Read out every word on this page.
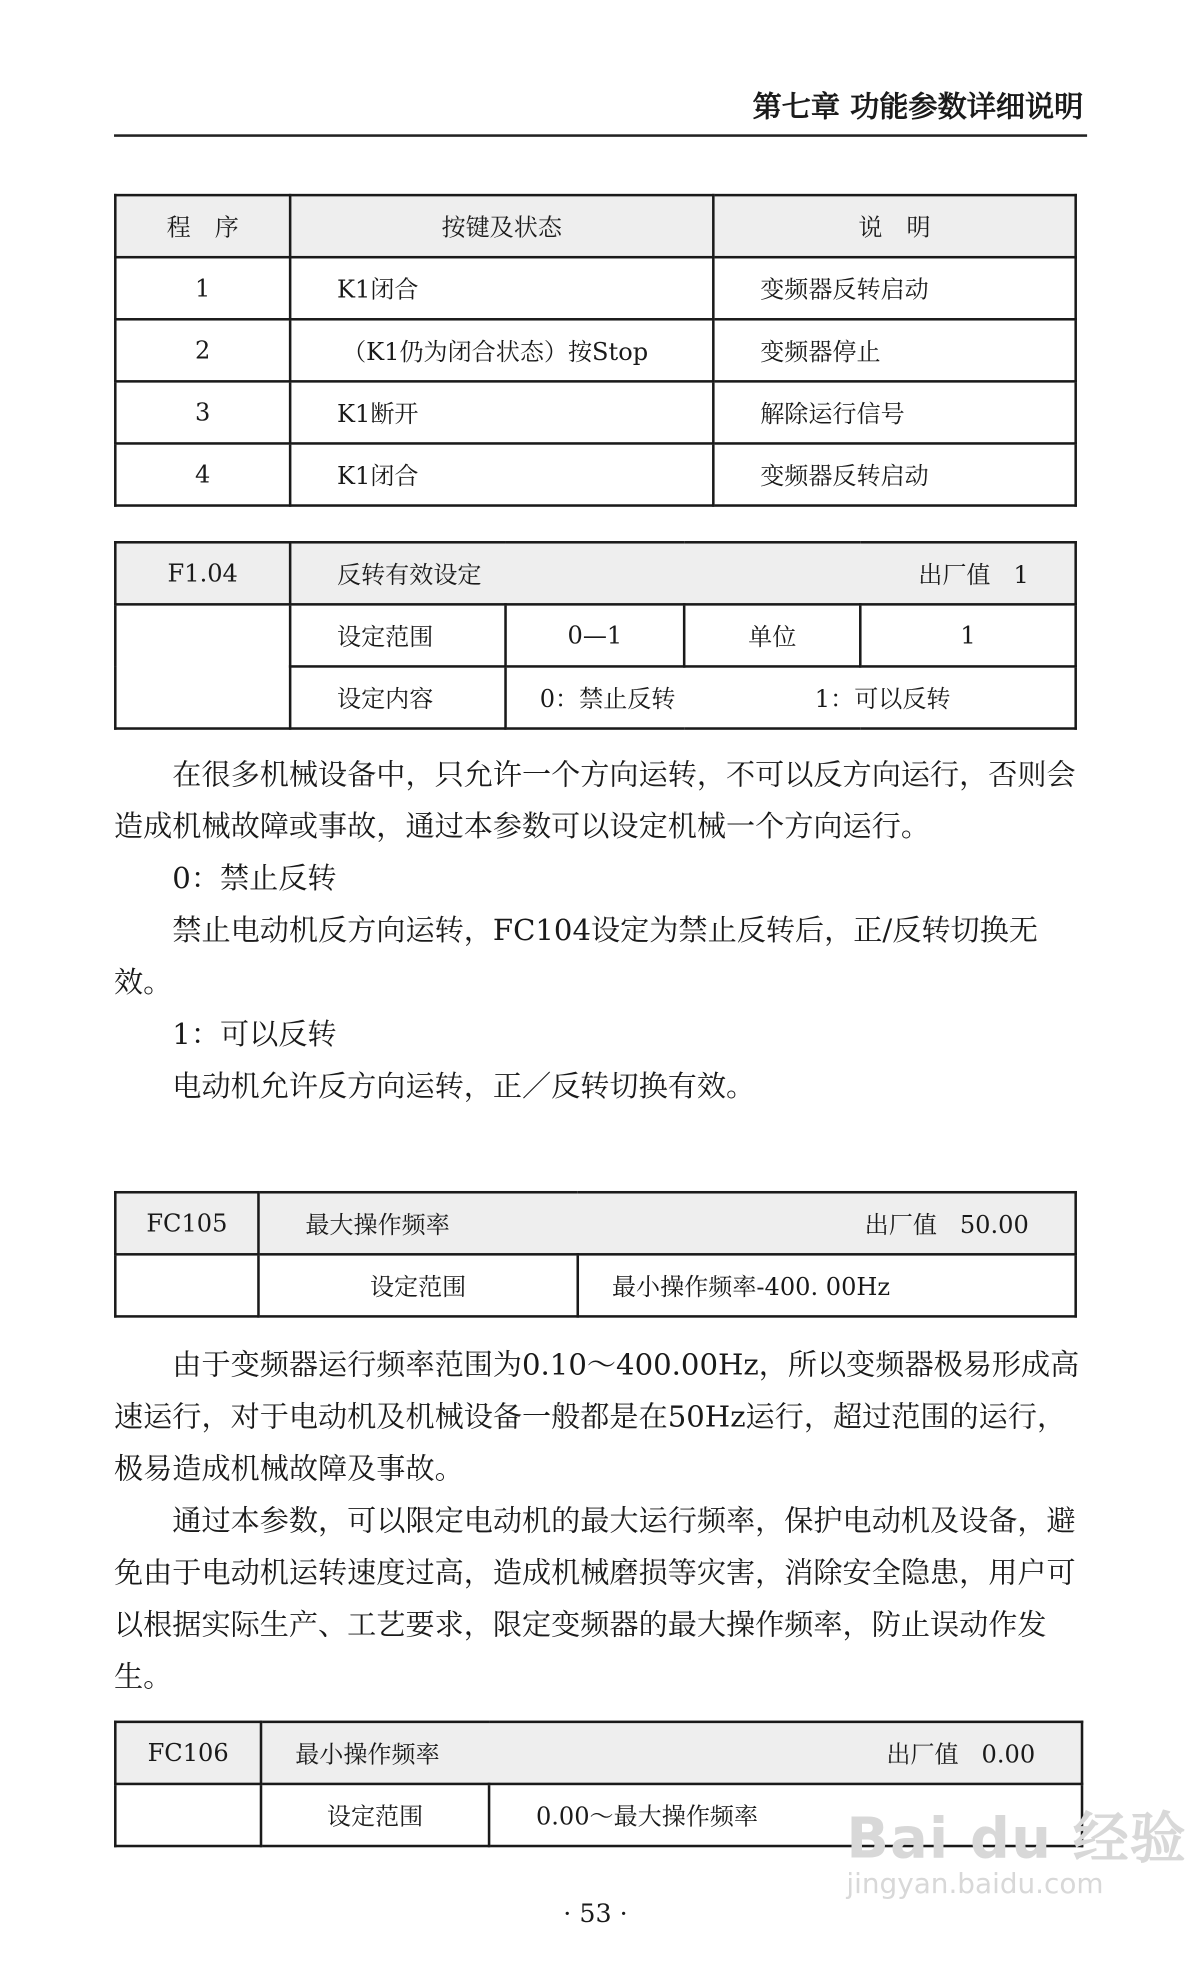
第七章 功能参数详细说明
程　序	按键及状态	说　明
1	K1闭合	变频器反转启动
2	（K1仍为闭合状态）按Stop	变频器停止
3	K1断开	解除运行信号
4	K1闭合	变频器反转启动
F1.04	反转有效设定 出厂值 1			

	设定范围	0—1	单位	1
	设定内容	0：禁止反转 1：可以反转		
在很多机械设备中，只允许一个方向运转，不可以反方向运行，否则会造成机械故障或事故，通过本参数可以设定机械一个方向运行。
0：禁止反转
禁止电动机反方向运转，FC104设定为禁止反转后，正/反转切换无效。
1：可以反转
电动机允许反方向运转，正／反转切换有效。
FC105	最大操作频率 出厂值 50.00	

	设定范围	最小操作频率-400. 00Hz
由于变频器运行频率范围为0.10～400.00Hz，所以变频器极易形成高速运行，对于电动机及机械设备一般都是在50Hz运行，超过范围的运行，极易造成机械故障及事故。
通过本参数，可以限定电动机的最大运行频率，保护电动机及设备，避免由于电动机运转速度过高，造成机械磨损等灾害，消除安全隐患，用户可以根据实际生产、工艺要求，限定变频器的最大操作频率，防止误动作发生。
FC106	最小操作频率 出厂值 0.00	

	设定范围	0.00～最大操作频率 Bai du 经验
jingyan.baidu.com
· 53 ·
